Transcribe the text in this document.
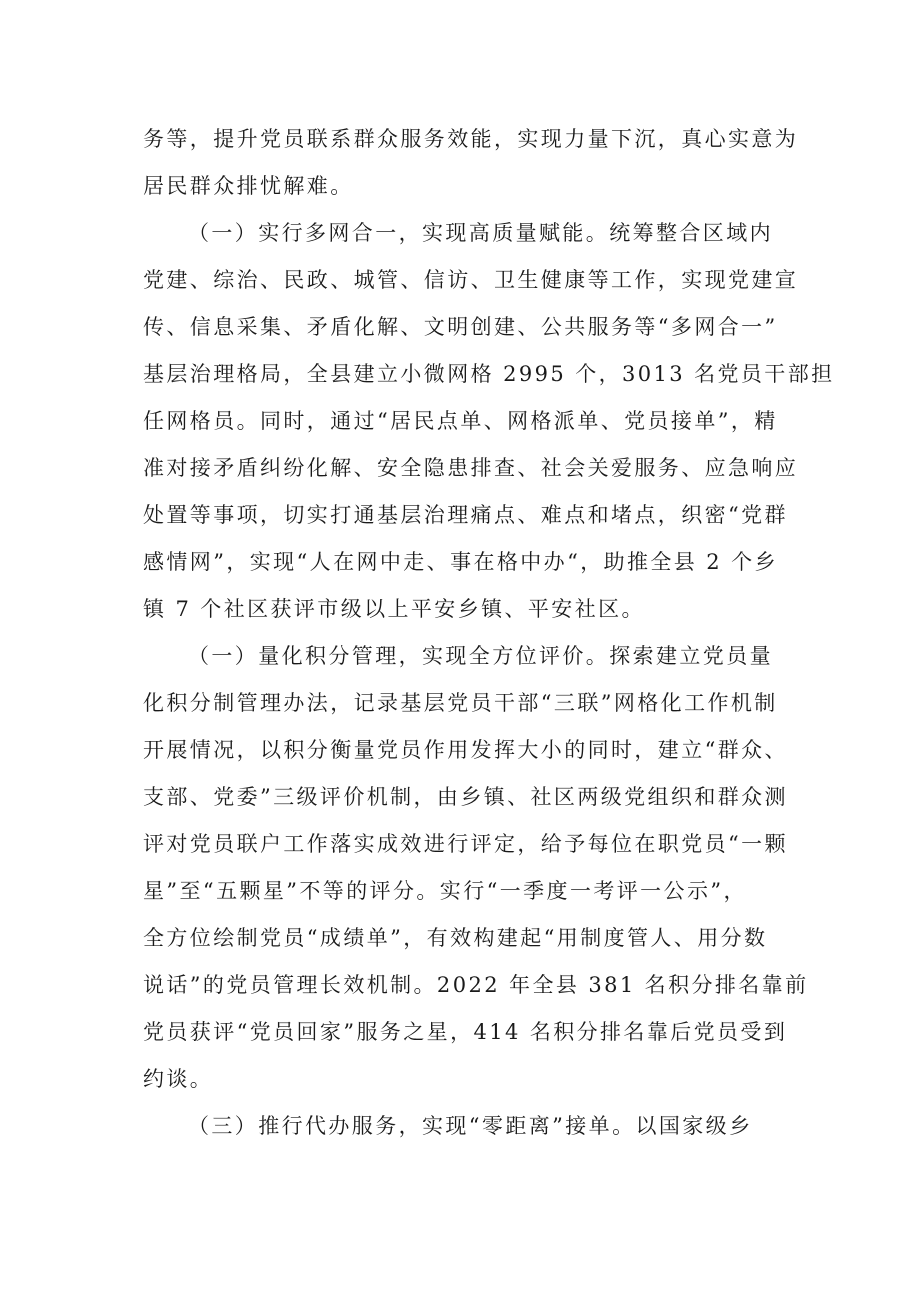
务等，提升党员联系群众服务效能，实现力量下沉，真心实意为
居民群众排忧解难。
（一）实行多网合一，实现高质量赋能。统筹整合区域内
党建、综治、民政、城管、信访、卫生健康等工作，实现党建宣
传、信息采集、矛盾化解、文明创建、公共服务等“多网合一”
基层治理格局，全县建立小微网格 2995 个，3013 名党员干部担
任网格员。同时，通过“居民点单、网格派单、党员接单”，精
准对接矛盾纠纷化解、安全隐患排查、社会关爱服务、应急响应
处置等事项，切实打通基层治理痛点、难点和堵点，织密“党群
感情网”，实现“人在网中走、事在格中办“，助推全县 2 个乡
镇 7 个社区获评市级以上平安乡镇、平安社区。
（一）量化积分管理，实现全方位评价。探索建立党员量
化积分制管理办法，记录基层党员干部“三联”网格化工作机制
开展情况，以积分衡量党员作用发挥大小的同时，建立“群众、
支部、党委”三级评价机制，由乡镇、社区两级党组织和群众测
评对党员联户工作落实成效进行评定，给予每位在职党员“一颗
星”至“五颗星”不等的评分。实行“一季度一考评一公示”，
全方位绘制党员“成绩单”，有效构建起“用制度管人、用分数
说话”的党员管理长效机制。2022 年全县 381 名积分排名靠前
党员获评“党员回家”服务之星，414 名积分排名靠后党员受到
约谈。
（三）推行代办服务，实现“零距离”接单。以国家级乡
